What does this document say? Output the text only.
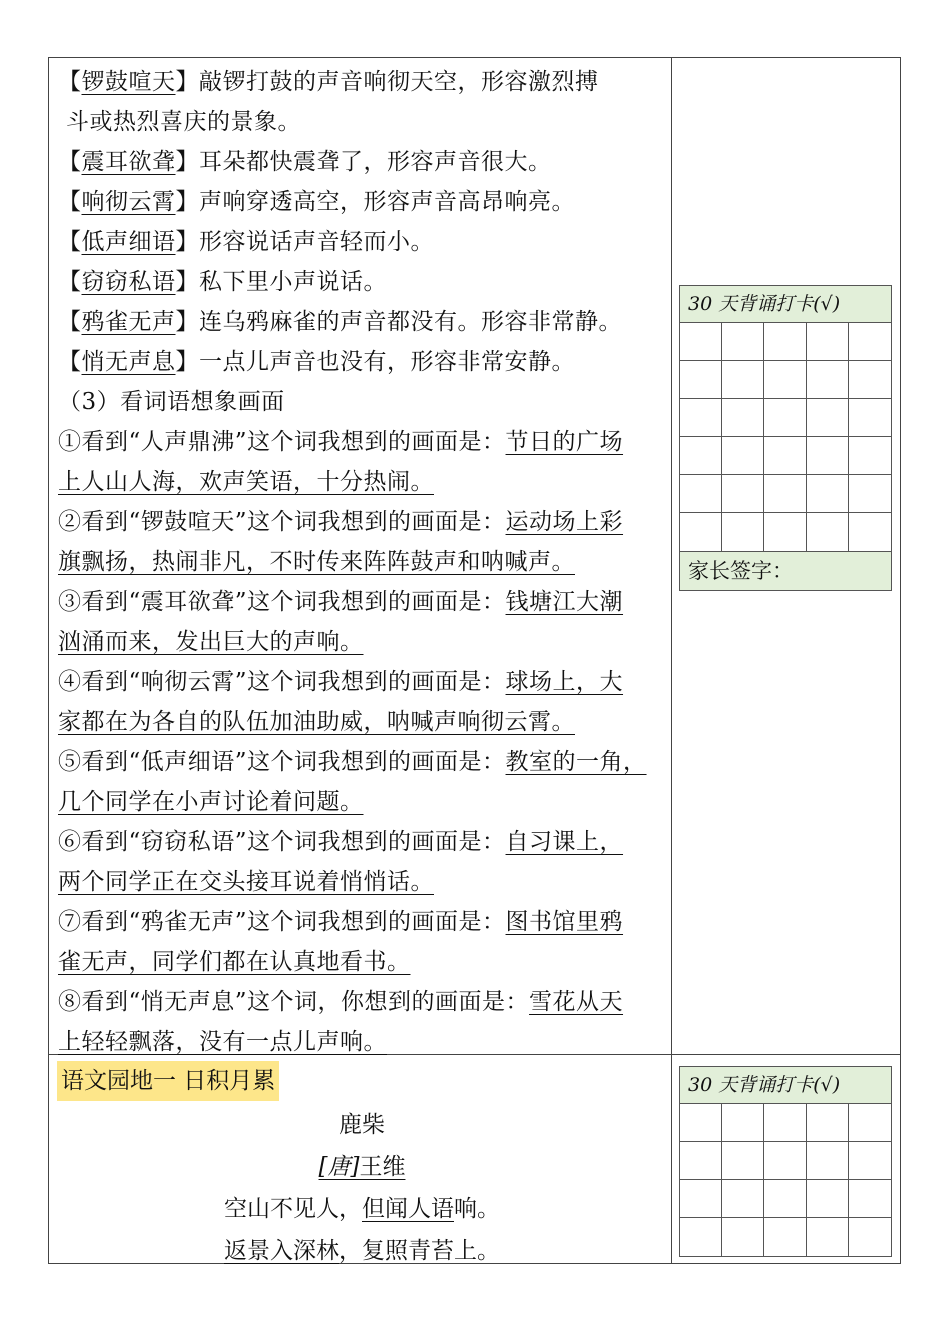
【锣鼓喧天】敲锣打鼓的声音响彻天空，形容激烈搏
斗或热烈喜庆的景象。
【震耳欲聋】耳朵都快震聋了，形容声音很大。
【响彻云霄】声响穿透高空，形容声音高昂响亮。
【低声细语】形容说话声音轻而小。
【窃窃私语】私下里小声说话。
【鸦雀无声】连乌鸦麻雀的声音都没有。形容非常静。
【悄无声息】一点儿声音也没有，形容非常安静。
（3）看词语想象画面
①看到“人声鼎沸”这个词我想到的画面是：节日的广场
上人山人海，欢声笑语，十分热闹。
②看到“锣鼓喧天”这个词我想到的画面是：运动场上彩
旗飘扬，热闹非凡，不时传来阵阵鼓声和呐喊声。
③看到“震耳欲聋”这个词我想到的画面是：钱塘江大潮
汹涌而来，发出巨大的声响。
④看到“响彻云霄”这个词我想到的画面是：球场上，大
家都在为各自的队伍加油助威，呐喊声响彻云霄。
⑤看到“低声细语”这个词我想到的画面是：教室的一角，
几个同学在小声讨论着问题。
⑥看到“窃窃私语”这个词我想到的画面是：自习课上，
两个同学正在交头接耳说着悄悄话。
⑦看到“鸦雀无声”这个词我想到的画面是：图书馆里鸦
雀无声，同学们都在认真地看书。
⑧看到“悄无声息”这个词，你想到的画面是：雪花从天
上轻轻飘落，没有一点儿声响。
30 天背诵打卡(√)
家长签字：
语文园地一 日积月累
鹿柴
[唐]王维
空山不见人，但闻人语响。
返景入深林，复照青苔上。
30 天背诵打卡(√)
